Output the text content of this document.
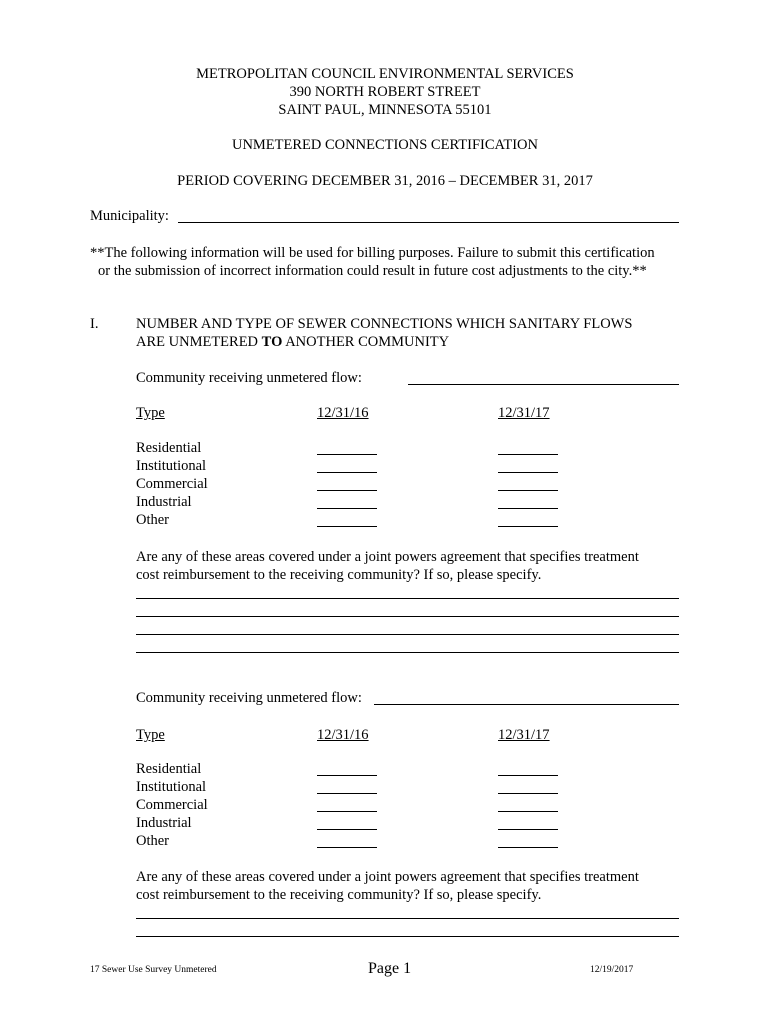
METROPOLITAN COUNCIL ENVIRONMENTAL SERVICES
390 NORTH ROBERT STREET
SAINT PAUL, MINNESOTA 55101
UNMETERED CONNECTIONS CERTIFICATION
PERIOD COVERING DECEMBER 31, 2016 – DECEMBER 31, 2017
Municipality:
**The following information will be used for billing purposes. Failure to submit this certification
or the submission of incorrect information could result in future cost adjustments to the city.**
I.	NUMBER AND TYPE OF SEWER CONNECTIONS WHICH SANITARY FLOWS
ARE UNMETERED TO ANOTHER COMMUNITY
Community receiving unmetered flow:
Type	12/31/16	12/31/17
Residential
Institutional
Commercial
Industrial
Other
Are any of these areas covered under a joint powers agreement that specifies treatment
cost reimbursement to the receiving community? If so, please specify.
Community receiving unmetered flow:
Type	12/31/16	12/31/17
Residential
Institutional
Commercial
Industrial
Other
Are any of these areas covered under a joint powers agreement that specifies treatment
cost reimbursement to the receiving community? If so, please specify.
17 Sewer Use Survey Unmetered	Page 1	12/19/2017
